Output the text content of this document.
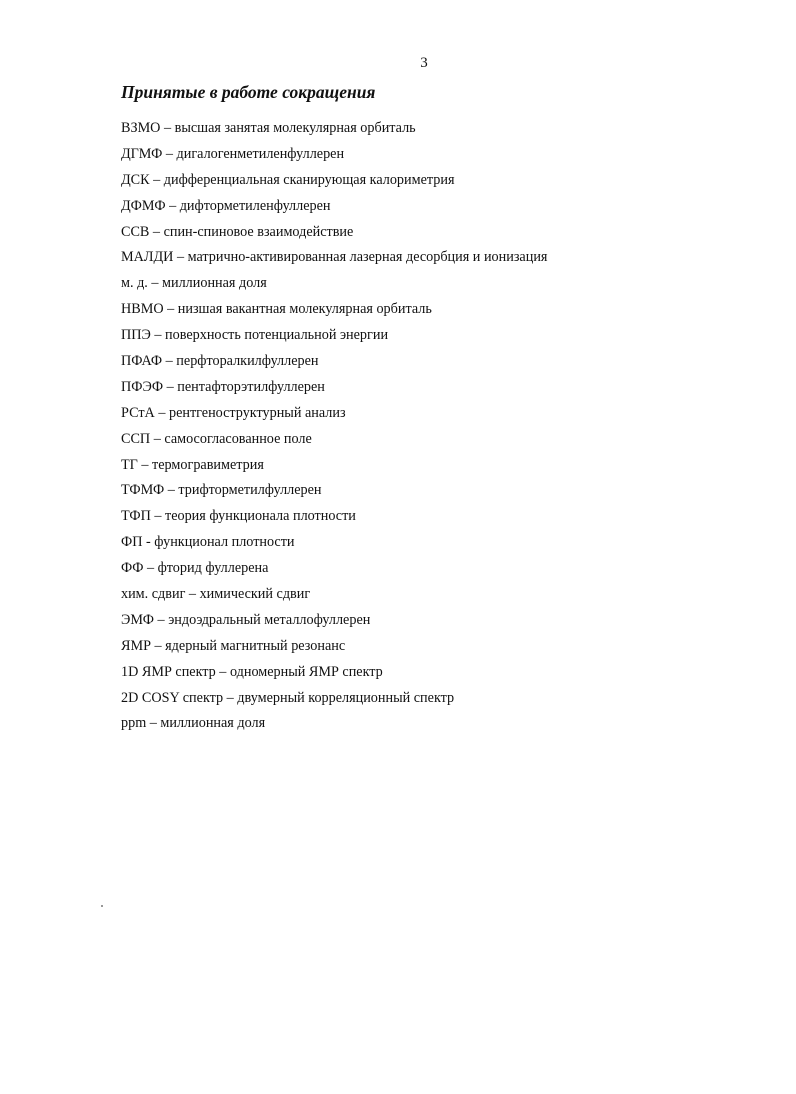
3
Принятые в работе сокращения
ВЗМО – высшая занятая молекулярная орбиталь
ДГМФ – дигалогенметиленфуллерен
ДСК – дифференциальная сканирующая калориметрия
ДФМФ – дифторметиленфуллерен
ССВ – спин-спиновое взаимодействие
МАЛДИ – матрично-активированная лазерная десорбция и ионизация
м. д. – миллионная доля
НВМО – низшая вакантная молекулярная орбиталь
ППЭ – поверхность потенциальной энергии
ПФАФ – перфторалкилфуллерен
ПФЭФ – пентафторэтилфуллерен
РСтА – рентгеноструктурный анализ
ССП – самосогласованное поле
ТГ – термогравиметрия
ТФМФ – трифторметилфуллерен
ТФП – теория функционала плотности
ФП - функционал плотности
ФФ – фторид фуллерена
хим. сдвиг – химический сдвиг
ЭМФ – эндоэдральный металлофуллерен
ЯМР – ядерный магнитный резонанс
1D ЯМР спектр – одномерный ЯМР спектр
2D COSY спектр – двумерный корреляционный спектр
ppm – миллионная доля
